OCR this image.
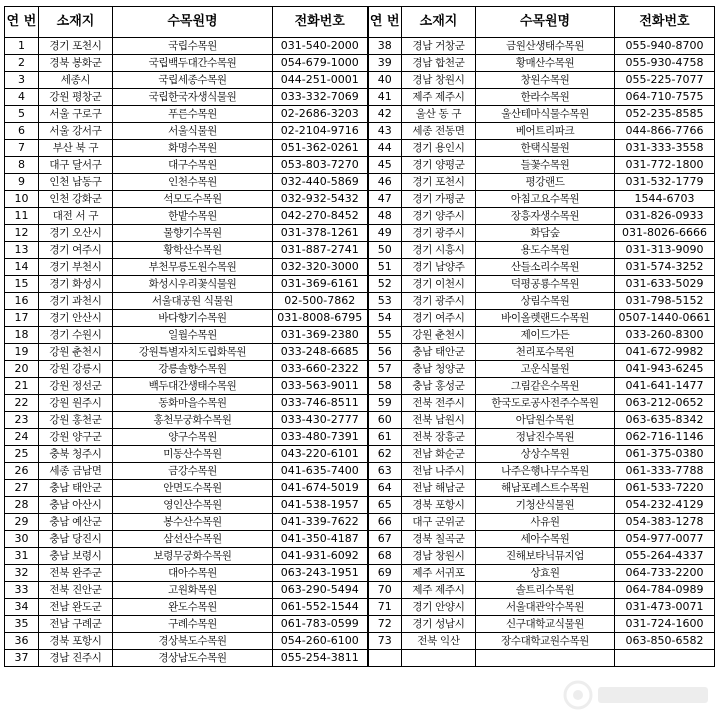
연 번	소재지	수목원명	전화번호	연 번	소재지	수목원명	전화번호
1	경기 포천시	국립수목원	031-540-2000	38	경남 거창군	금원산생태수목원	055-940-8700
2	경북 봉화군	국립백두대간수목원	054-679-1000	39	경남 합천군	황매산수목원	055-930-4758
3	세종시	국립세종수목원	044-251-0001	40	경남 창원시	창원수목원	055-225-7077
4	강원 평창군	국립한국자생식물원	033-332-7069	41	제주 제주시	한라수목원	064-710-7575
5	서울 구로구	푸른수목원	02-2686-3203	42	울산 동 구	울산테마식물수목원	052-235-8585
6	서울 강서구	서울식물원	02-2104-9716	43	세종 전동면	베어트리파크	044-866-7766
7	부산 북 구	화명수목원	051-362-0261	44	경기 용인시	한택식물원	031-333-3558
8	대구 달서구	대구수목원	053-803-7270	45	경기 양평군	들꽃수목원	031-772-1800
9	인천 남동구	인천수목원	032-440-5869	46	경기 포천시	평강랜드	031-532-1779
10	인천 강화군	석모도수목원	032-932-5432	47	경기 가평군	아침고요수목원	1544-6703
11	대전 서 구	한밭수목원	042-270-8452	48	경기 양주시	장흥자생수목원	031-826-0933
12	경기 오산시	물향기수목원	031-378-1261	49	경기 광주시	화담숲	031-8026-6666
13	경기 여주시	황학산수목원	031-887-2741	50	경기 시흥시	용도수목원	031-313-9090
14	경기 부천시	부천무릉도원수목원	032-320-3000	51	경기 남양주	산들소리수목원	031-574-3252
15	경기 화성시	화성시우리꽃식물원	031-369-6161	52	경기 이천시	덕평공룡수목원	031-633-5029
16	경기 과천시	서울대공원 식물원	02-500-7862	53	경기 광주시	상림수목원	031-798-5152
17	경기 안산시	바다향기수목원	031-8008-6795	54	경기 여주시	바이올렛랜드수목원	0507-1440-0661
18	경기 수원시	일월수목원	031-369-2380	55	강원 춘천시	제이드가든	033-260-8300
19	강원 춘천시	강원특별자치도립화목원	033-248-6685	56	충남 태안군	천리포수목원	041-672-9982
20	강원 강릉시	강릉솔향수목원	033-660-2322	57	충남 청양군	고운식물원	041-943-6245
21	강원 정선군	백두대간생태수목원	033-563-9011	58	충남 홍성군	그림같은수목원	041-641-1477
22	강원 원주시	동화마을수목원	033-746-8511	59	전북 전주시	한국도로공사전주수목원	063-212-0652
23	강원 홍천군	홍천무궁화수목원	033-430-2777	60	전북 남원시	아담원수목원	063-635-8342
24	강원 양구군	양구수목원	033-480-7391	61	전북 장흥군	정남진수목원	062-716-1146
25	충북 청주시	미동산수목원	043-220-6101	62	전남 화순군	상상수목원	061-375-0380
26	세종 금남면	금강수목원	041-635-7400	63	전남 나주시	나주은행나무수목원	061-333-7788
27	충남 태안군	안면도수목원	041-674-5019	64	전남 해남군	해남포레스트수목원	061-533-7220
28	충남 아산시	영인산수목원	041-538-1957	65	경북 포항시	기청산식물원	054-232-4129
29	충남 예산군	봉수산수목원	041-339-7622	66	대구 군위군	사유원	054-383-1278
30	충남 당진시	삼선산수목원	041-350-4187	67	경북 칠곡군	세아수목원	054-977-0077
31	충남 보령시	보령무궁화수목원	041-931-6092	68	경남 창원시	진해보타닉뮤지엄	055-264-4337
32	전북 완주군	대아수목원	063-243-1951	69	제주 서귀포	상효원	064-733-2200
33	전북 진안군	고원화목원	063-290-5494	70	제주 제주시	솔트리수목원	064-784-0989
34	전남 완도군	완도수목원	061-552-1544	71	경기 안양시	서울대관악수목원	031-473-0071
35	전남 구례군	구례수목원	061-783-0599	72	경기 성남시	신구대학교식물원	031-724-1600
36	경북 포항시	경상북도수목원	054-260-6100	73	전북 익산	장수대학교원수목원	063-850-6582
37	경남 진주시	경상남도수목원	055-254-3811				
